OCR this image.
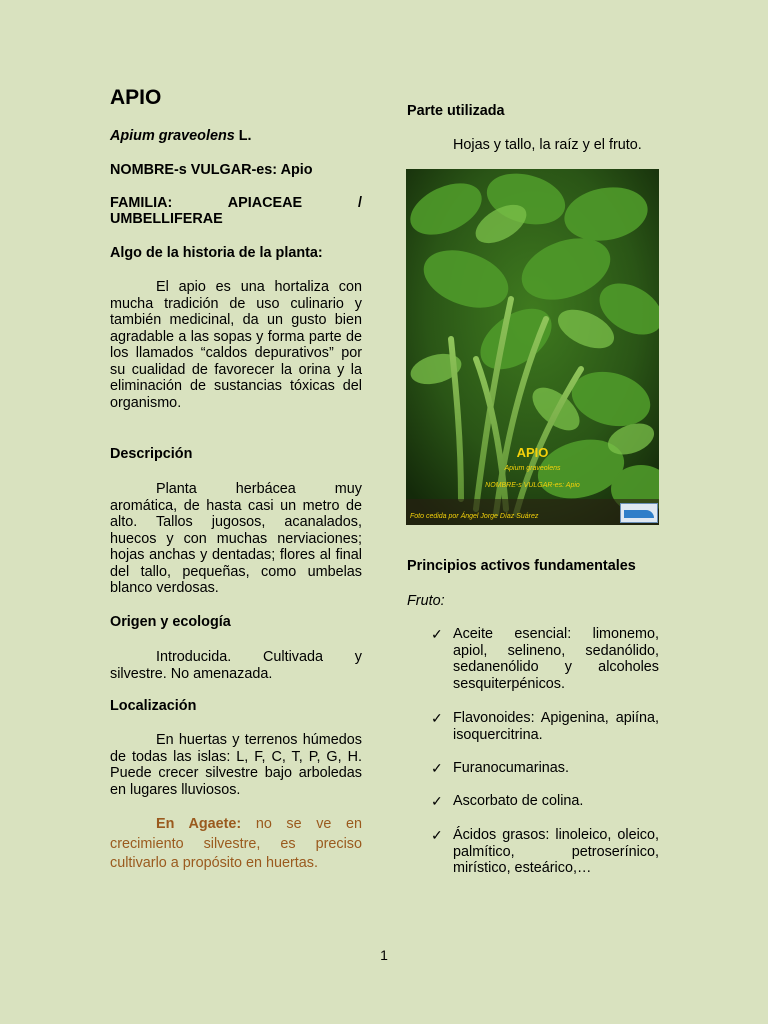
APIO

Apium graveolens L.

NOMBRE-s VULGAR-es: Apio

FAMILIA: APIACEAE /

UMBELLIFERAE

Algo de la historia de la planta:

El apio es una hortaliza con mucha tradición de uso culinario y también medicinal, da un gusto bien agradable a las sopas y forma parte de los llamados “caldos depurativos” por su cualidad de favorecer la orina y la eliminación de sustancias tóxicas del organismo.

Descripción

Planta herbácea muy aromática, de hasta casi un metro de alto. Tallos jugosos, acanalados, huecos y con muchas nerviaciones; hojas anchas y dentadas; flores al final del tallo, pequeñas, como umbelas blanco verdosas.

Origen y ecología

Introducida. Cultivada y silvestre. No amenazada.

Localización

En huertas y terrenos húmedos de todas las islas: L, F, C, T, P, G, H. Puede crecer silvestre bajo arboledas en lugares lluviosos.

En Agaete: no se ve en crecimiento silvestre, es preciso cultivarlo a propósito en huertas.

Parte utilizada

Hojas y tallo, la raíz y el fruto.

APIO
Apium graveolens
NOMBRE-s VULGAR-es: Apio
Foto cedida por Ángel Jorge Díaz Suárez

Principios activos fundamentales

Fruto:

✓ Aceite esencial: limonemo, apiol, selineno, sedanólido, sedanenólido y alcoholes sesquiterpénicos.
✓ Flavonoides: Apigenina, apiína, isoquercitrina.
✓ Furanocumarinas.
✓ Ascorbato de colina.
✓ Ácidos grasos: linoleico, oleico, palmítico, petroserínico, mirístico, esteárico,…
1
